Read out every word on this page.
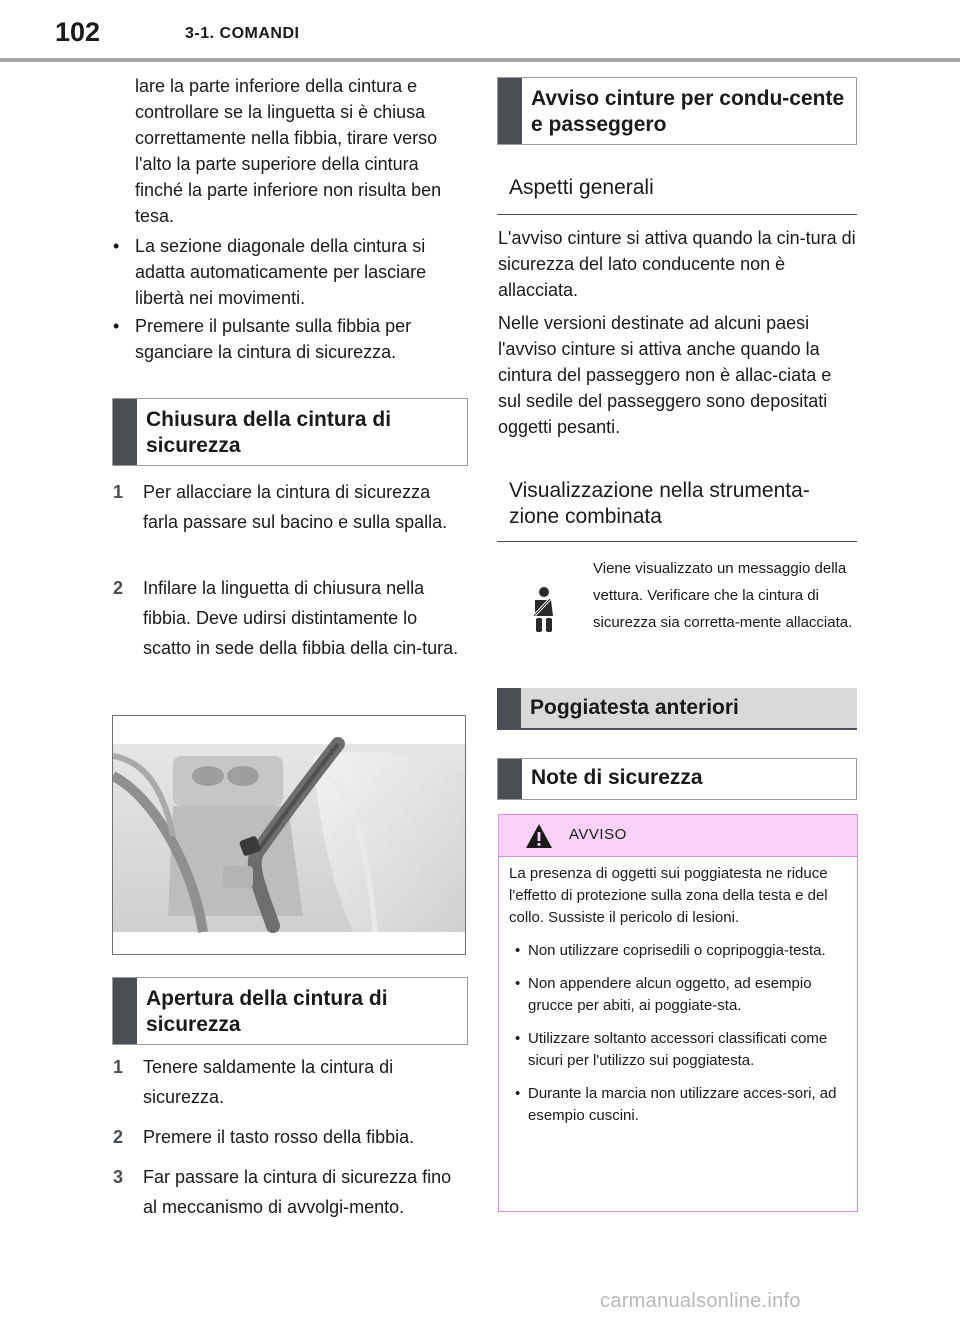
102	3-1. COMANDI

lare la parte inferiore della cintura e controllare se la linguetta si è chiusa correttamente nella fibbia, tirare verso l'alto la parte superiore della cintura finché la parte inferiore non risulta ben tesa.

• La sezione diagonale della cintura si adatta automaticamente per lasciare libertà nei movimenti.
• Premere il pulsante sulla fibbia per sganciare la cintura di sicurezza.
Chiusura della cintura di sicurezza
1 Per allacciare la cintura di sicurezza farla passare sul bacino e sulla spalla.
2 Infilare la linguetta di chiusura nella fibbia. Deve udirsi distintamente lo scatto in sede della fibbia della cin-tura.
Apertura della cintura di sicurezza
1 Tenere saldamente la cintura di sicurezza.
2 Premere il tasto rosso della fibbia.
3 Far passare la cintura di sicurezza fino al meccanismo di avvolgi-mento.
Avviso cinture per condu-cente e passeggero
Aspetti generali

L'avviso cinture si attiva quando la cin-tura di sicurezza del lato conducente non è allacciata.

Nelle versioni destinate ad alcuni paesi l'avviso cinture si attiva anche quando la cintura del passeggero non è allac-ciata e sul sedile del passeggero sono depositati oggetti pesanti.

Visualizzazione nella strumenta-zione combinata

Viene visualizzato un messaggio della vettura. Verificare che la cintura di sicurezza sia corretta-mente allacciata.

Poggiatesta anteriori
Note di sicurezza
AVVISO

La presenza di oggetti sui poggiatesta ne riduce l'effetto di protezione sulla zona della testa e del collo. Sussiste il pericolo di lesioni.

• Non utilizzare coprisedili o copripoggia-testa.
• Non appendere alcun oggetto, ad esempio grucce per abiti, ai poggiate-sta.
• Utilizzare soltanto accessori classificati come sicuri per l'utilizzo sui poggiatesta.
• Durante la marcia non utilizzare acces-sori, ad esempio cuscini.
carmanualsonline.info
